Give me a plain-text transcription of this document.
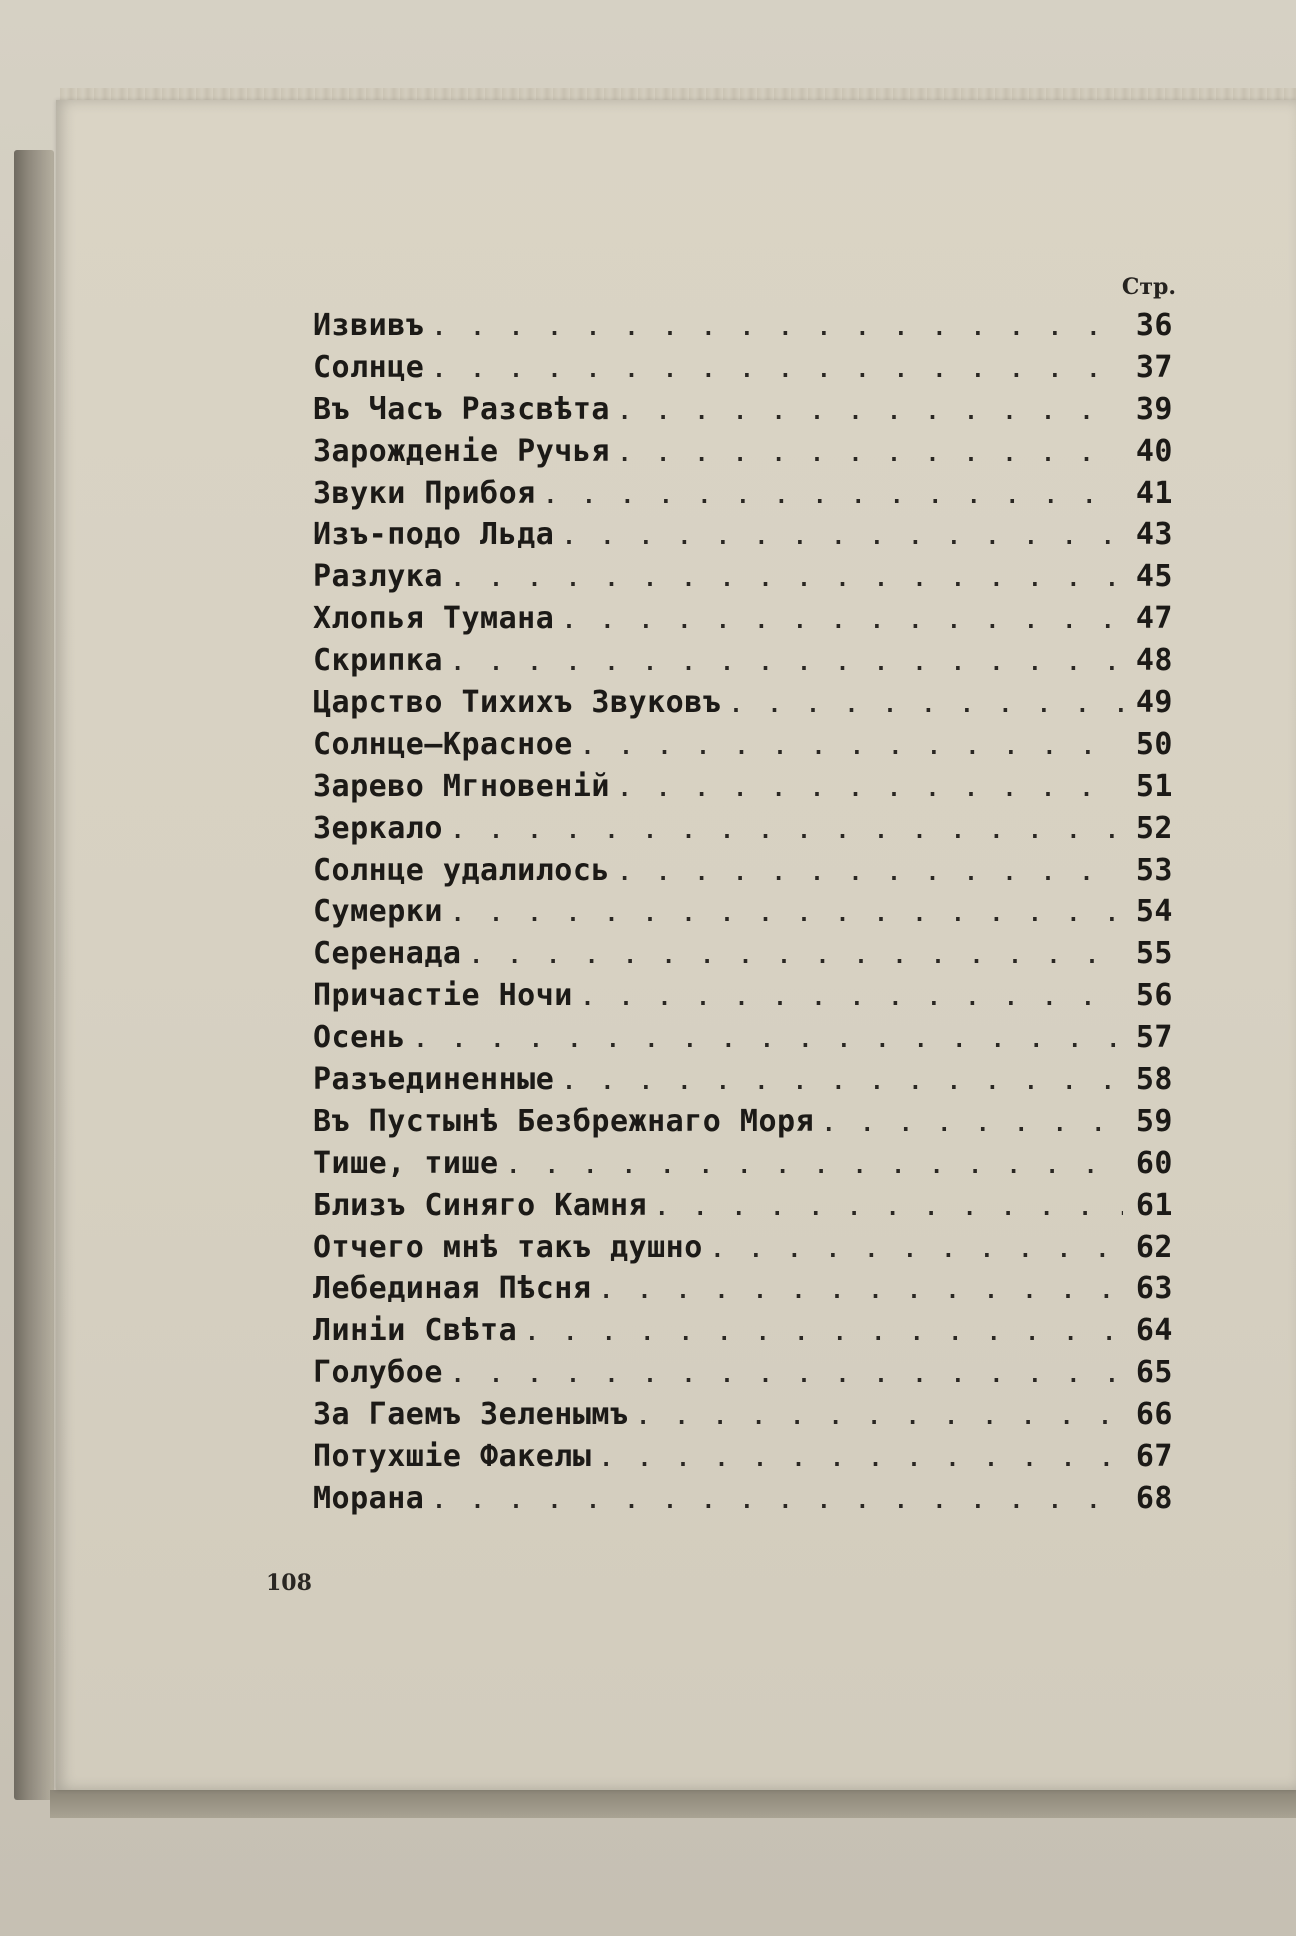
Стр.
Извивъ . . .	36
Солнце . . .	37
Въ Часъ Разсвѣта . . .	39
Зарожденіе Ручья . . .	40
Звуки Прибоя . . .	41
Изъ-подо Льда . . .	43
Разлука . . .	45
Хлопья Тумана . . .	47
Скрипка . . .	48
Царство Тихихъ Звуковъ . . .	49
Солнце—Красное . . .	50
Зарево Мгновеній . . .	51
Зеркало . . .	52
Солнце удалилось . . .	53
Сумерки . . .	54
Серенада . . .	55
Причастіе Ночи . . .	56
Осень . . .	57
Разъединенные . . .	58
Въ Пустынѣ Безбрежнаго Моря . . .	59
Тише, тише . . .	60
Близъ Синяго Камня . . .	61
Отчего мнѣ такъ душно . . .	62
Лебединая Пѣсня . . .	63
Линіи Свѣта . . .	64
Голубое . . .	65
За Гаемъ Зеленымъ . . .	66
Потухшіе Факелы . . .	67
Морана . . .	68
108
